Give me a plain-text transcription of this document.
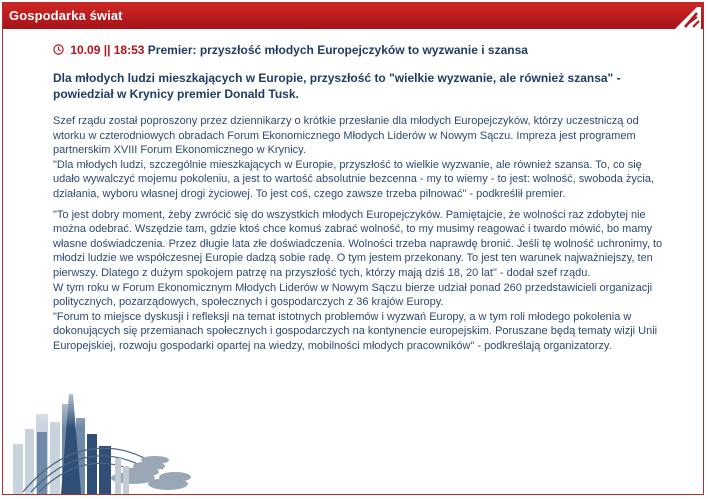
Gospodarka świat
10.09 || 18:53 Premier: przyszłość młodych Europejczyków to wyzwanie i szansa

Dla młodych ludzi mieszkających w Europie, przyszłość to "wielkie wyzwanie, ale również szansa" - powiedział w Krynicy premier Donald Tusk.

Szef rządu został poproszony przez dziennikarzy o krótkie przesłanie dla młodych Europejczyków, którzy uczestniczą od wtorku w czterodniowych obradach Forum Ekonomicznego Młodych Liderów w Nowym Sączu. Impreza jest programem partnerskim XVIII Forum Ekonomicznego w Krynicy.

"Dla młodych ludzi, szczególnie mieszkających w Europie, przyszłość to wielkie wyzwanie, ale również szansa. To, co się udało wywalczyć mojemu pokoleniu, a jest to wartość absolutnie bezcenna - my to wiemy - to jest: wolność, swoboda życia, działania, wyboru własnej drogi życiowej. To jest coś, czego zawsze trzeba pilnować" - podkreślił premier.

"To jest dobry moment, żeby zwrócić się do wszystkich młodych Europejczyków. Pamiętajcie, że wolności raz zdobytej nie można odebrać. Wszędzie tam, gdzie ktoś chce komuś zabrać wolność, to my musimy reagować i twardo mówić, bo mamy własne doświadczenia. Przez długie lata złe doświadczenia. Wolności trzeba naprawdę bronić. Jeśli tę wolność uchronimy, to młodzi ludzie we współczesnej Europie dadzą sobie radę. O tym jestem przekonany. To jest ten warunek najważniejszy, ten pierwszy. Dlatego z dużym spokojem patrzę na przyszłość tych, którzy mają dziś 18, 20 lat" - dodał szef rządu.

W tym roku w Forum Ekonomicznym Młodych Liderów w Nowym Sączu bierze udział ponad 260 przedstawicieli organizacji politycznych, pozarządowych, społecznych i gospodarczych z 36 krajów Europy.

"Forum to miejsce dyskusji i refleksji na temat istotnych problemów i wyzwań Europy, a w tym roli młodego pokolenia w dokonujących się przemianach społecznych i gospodarczych na kontynencie europejskim. Poruszane będą tematy wizji Unii Europejskiej, rozwoju gospodarki opartej na wiedzy, mobilności młodych pracowników" - podkreślają organizatorzy.
